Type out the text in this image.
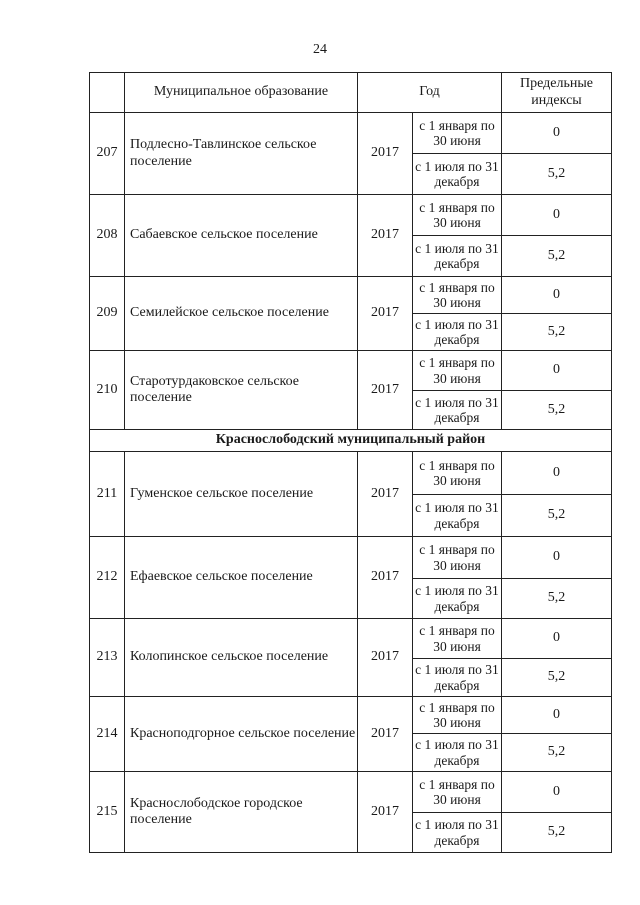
24
	Муниципальное образование	Год		Предельные индексы
207	Подлесно-Тавлинское сельское поселение	2017	с 1 января по 30 июня	0
			с 1 июля по 31 декабря	5,2
208	Сабаевское сельское поселение	2017	с 1 января по 30 июня	0
			с 1 июля по 31 декабря	5,2
209	Семилейское сельское поселение	2017	с 1 января по 30 июня	0
			с 1 июля по 31 декабря	5,2
210	Старотурдаковское сельское поселение	2017	с 1 января по 30 июня	0
			с 1 июля по 31 декабря	5,2
Краснослободский муниципальный район				
211	Гуменское сельское поселение	2017	с 1 января по 30 июня	0
			с 1 июля по 31 декабря	5,2
212	Ефаевское сельское поселение	2017	с 1 января по 30 июня	0
			с 1 июля по 31 декабря	5,2
213	Колопинское сельское поселение	2017	с 1 января по 30 июня	0
			с 1 июля по 31 декабря	5,2
214	Красноподгорное сельское поселение	2017	с 1 января по 30 июня	0
			с 1 июля по 31 декабря	5,2
215	Краснослободское городское поселение	2017	с 1 января по 30 июня	0
			с 1 июля по 31 декабря	5,2
